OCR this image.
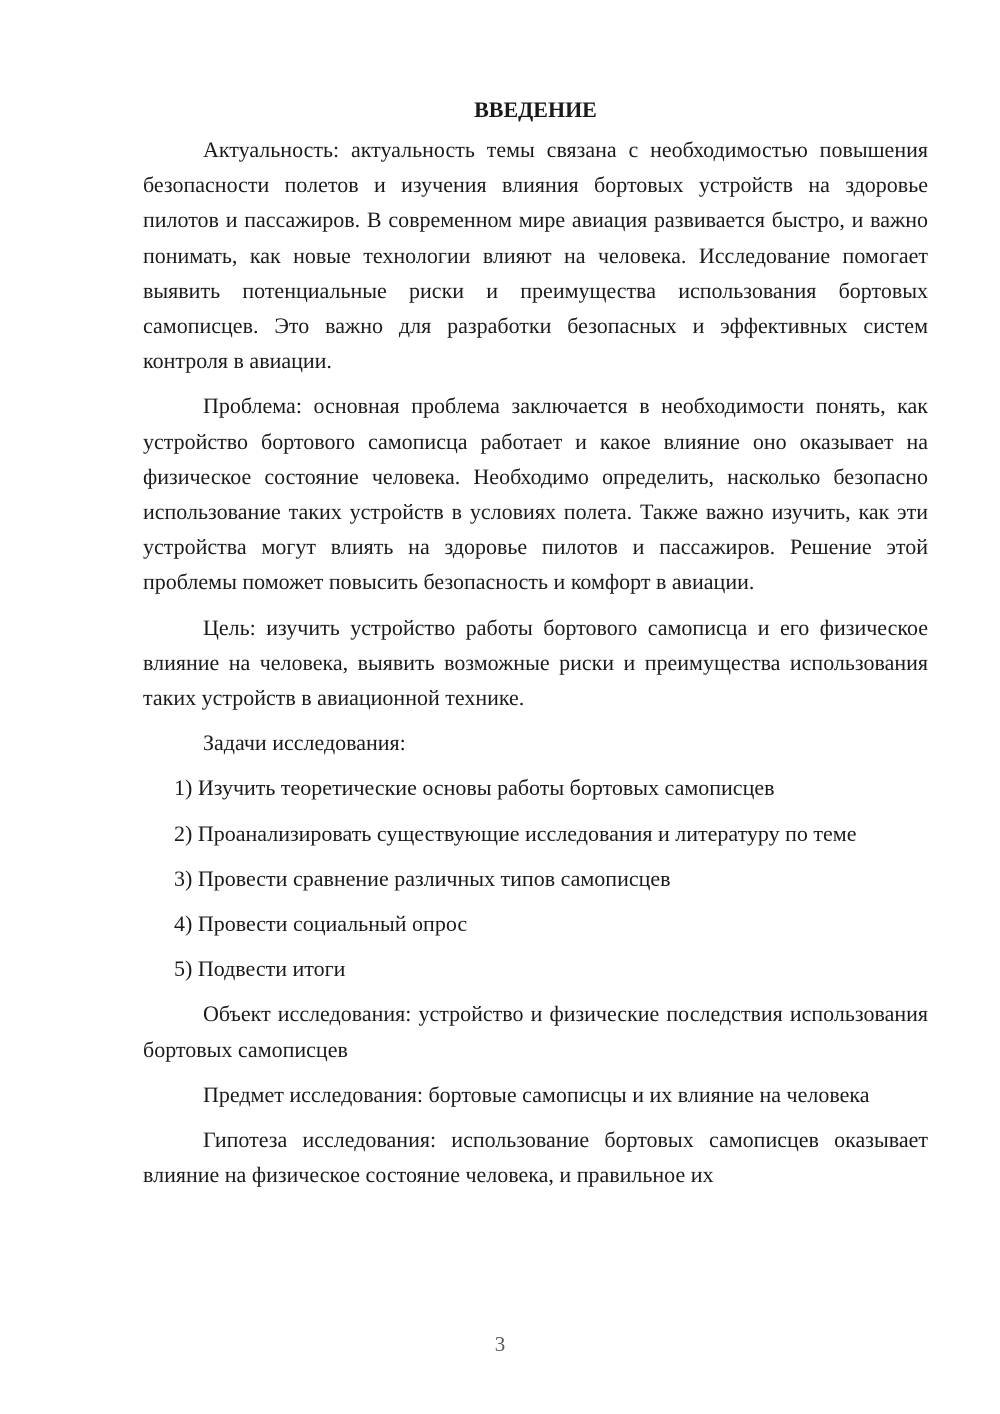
ВВЕДЕНИЕ

Актуальность: актуальность темы связана с необходимостью повышения безопасности полетов и изучения влияния бортовых устройств на здоровье пилотов и пассажиров. В современном мире авиация развивается быстро, и важно понимать, как новые технологии влияют на человека. Исследование помогает выявить потенциальные риски и преимущества использования бортовых самописцев. Это важно для разработки безопасных и эффективных систем контроля в авиации.

Проблема: основная проблема заключается в необходимости понять, как устройство бортового самописца работает и какое влияние оно оказывает на физическое состояние человека. Необходимо определить, насколько безопасно использование таких устройств в условиях полета. Также важно изучить, как эти устройства могут влиять на здоровье пилотов и пассажиров. Решение этой проблемы поможет повысить безопасность и комфорт в авиации.

Цель: изучить устройство работы бортового самописца и его физическое влияние на человека, выявить возможные риски и преимущества использования таких устройств в авиационной технике.

Задачи исследования:

1) Изучить теоретические основы работы бортовых самописцев

2) Проанализировать существующие исследования и литературу по теме

3) Провести сравнение различных типов самописцев

4) Провести социальный опрос

5) Подвести итоги

Объект исследования: устройство и физические последствия использования бортовых самописцев

Предмет исследования: бортовые самописцы и их влияние на человека

Гипотеза исследования: использование бортовых самописцев оказывает влияние на физическое состояние человека, и правильное их

3
